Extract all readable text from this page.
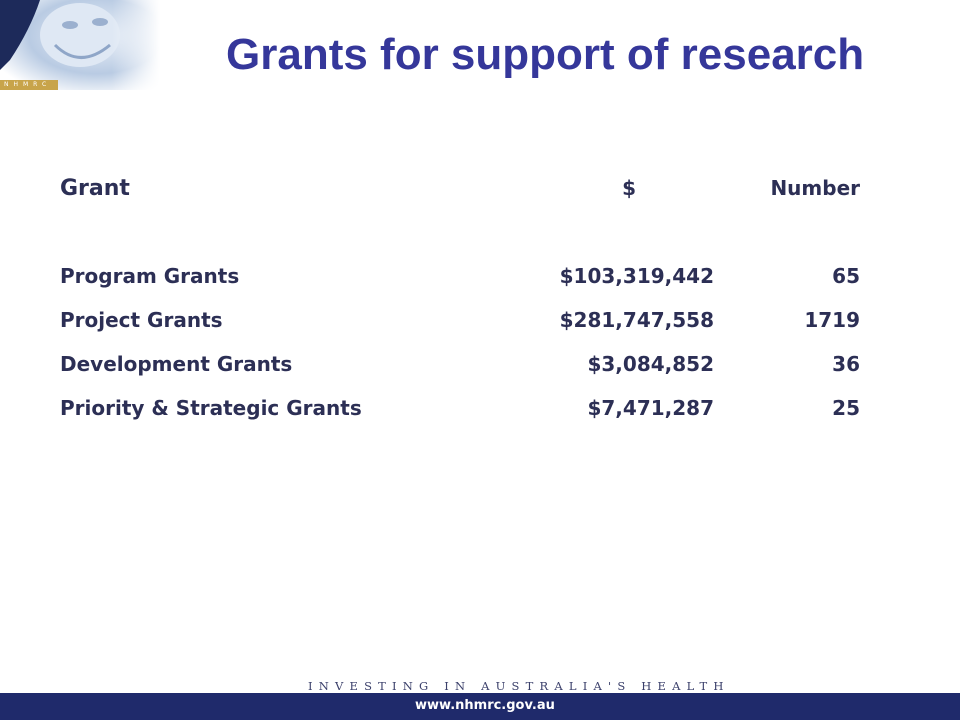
NHMRC
Grants for support of research
Grant	$	Number

Program Grants	$103,319,442	65
Project Grants	$281,747,558	1719
Development Grants	$3,084,852	36
Priority & Strategic Grants	$7,471,287	25
INVESTING IN AUSTRALIA'S HEALTH
www.nhmrc.gov.au
